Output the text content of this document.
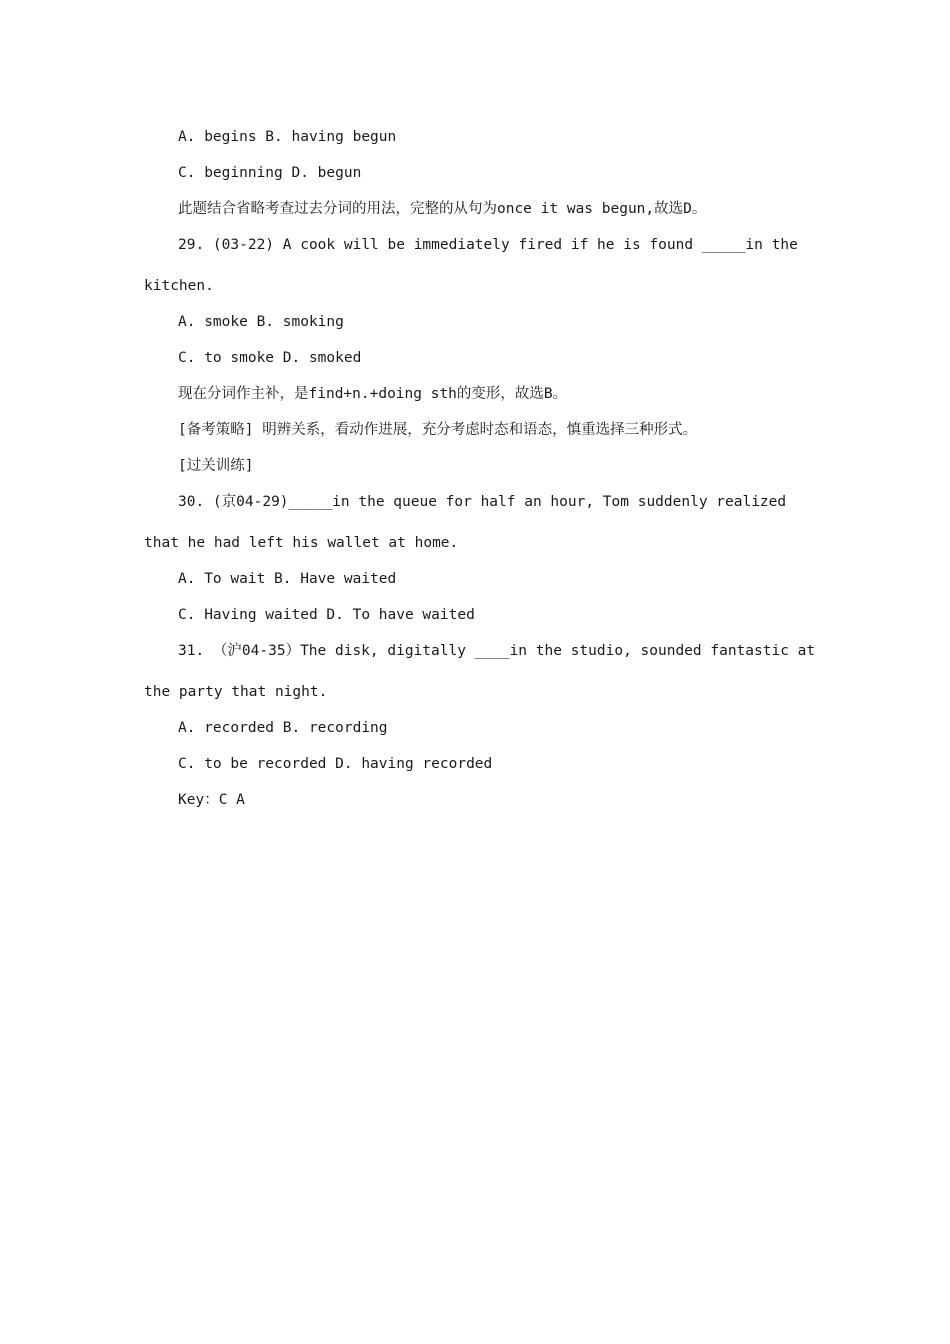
A. begins B. having begun
C. beginning D. begun
此题结合省略考查过去分词的用法，完整的从句为once it was begun,故选D。
29. (03-22) A cook will be immediately fired if he is found _____in the
kitchen.
A. smoke B. smoking
C. to smoke D. smoked
现在分词作主补，是find+n.+doing sth的变形，故选B。
[备考策略] 明辨关系，看动作进展，充分考虑时态和语态，慎重选择三种形式。
[过关训练]
30. (京04-29)_____in the queue for half an hour, Tom suddenly realized
that he had left his wallet at home.
A. To wait B. Have waited
C. Having waited D. To have waited
31. （沪04-35）The disk, digitally ____in the studio, sounded fantastic at
the party that night.
A. recorded B. recording
C. to be recorded D. having recorded
Key：C A
